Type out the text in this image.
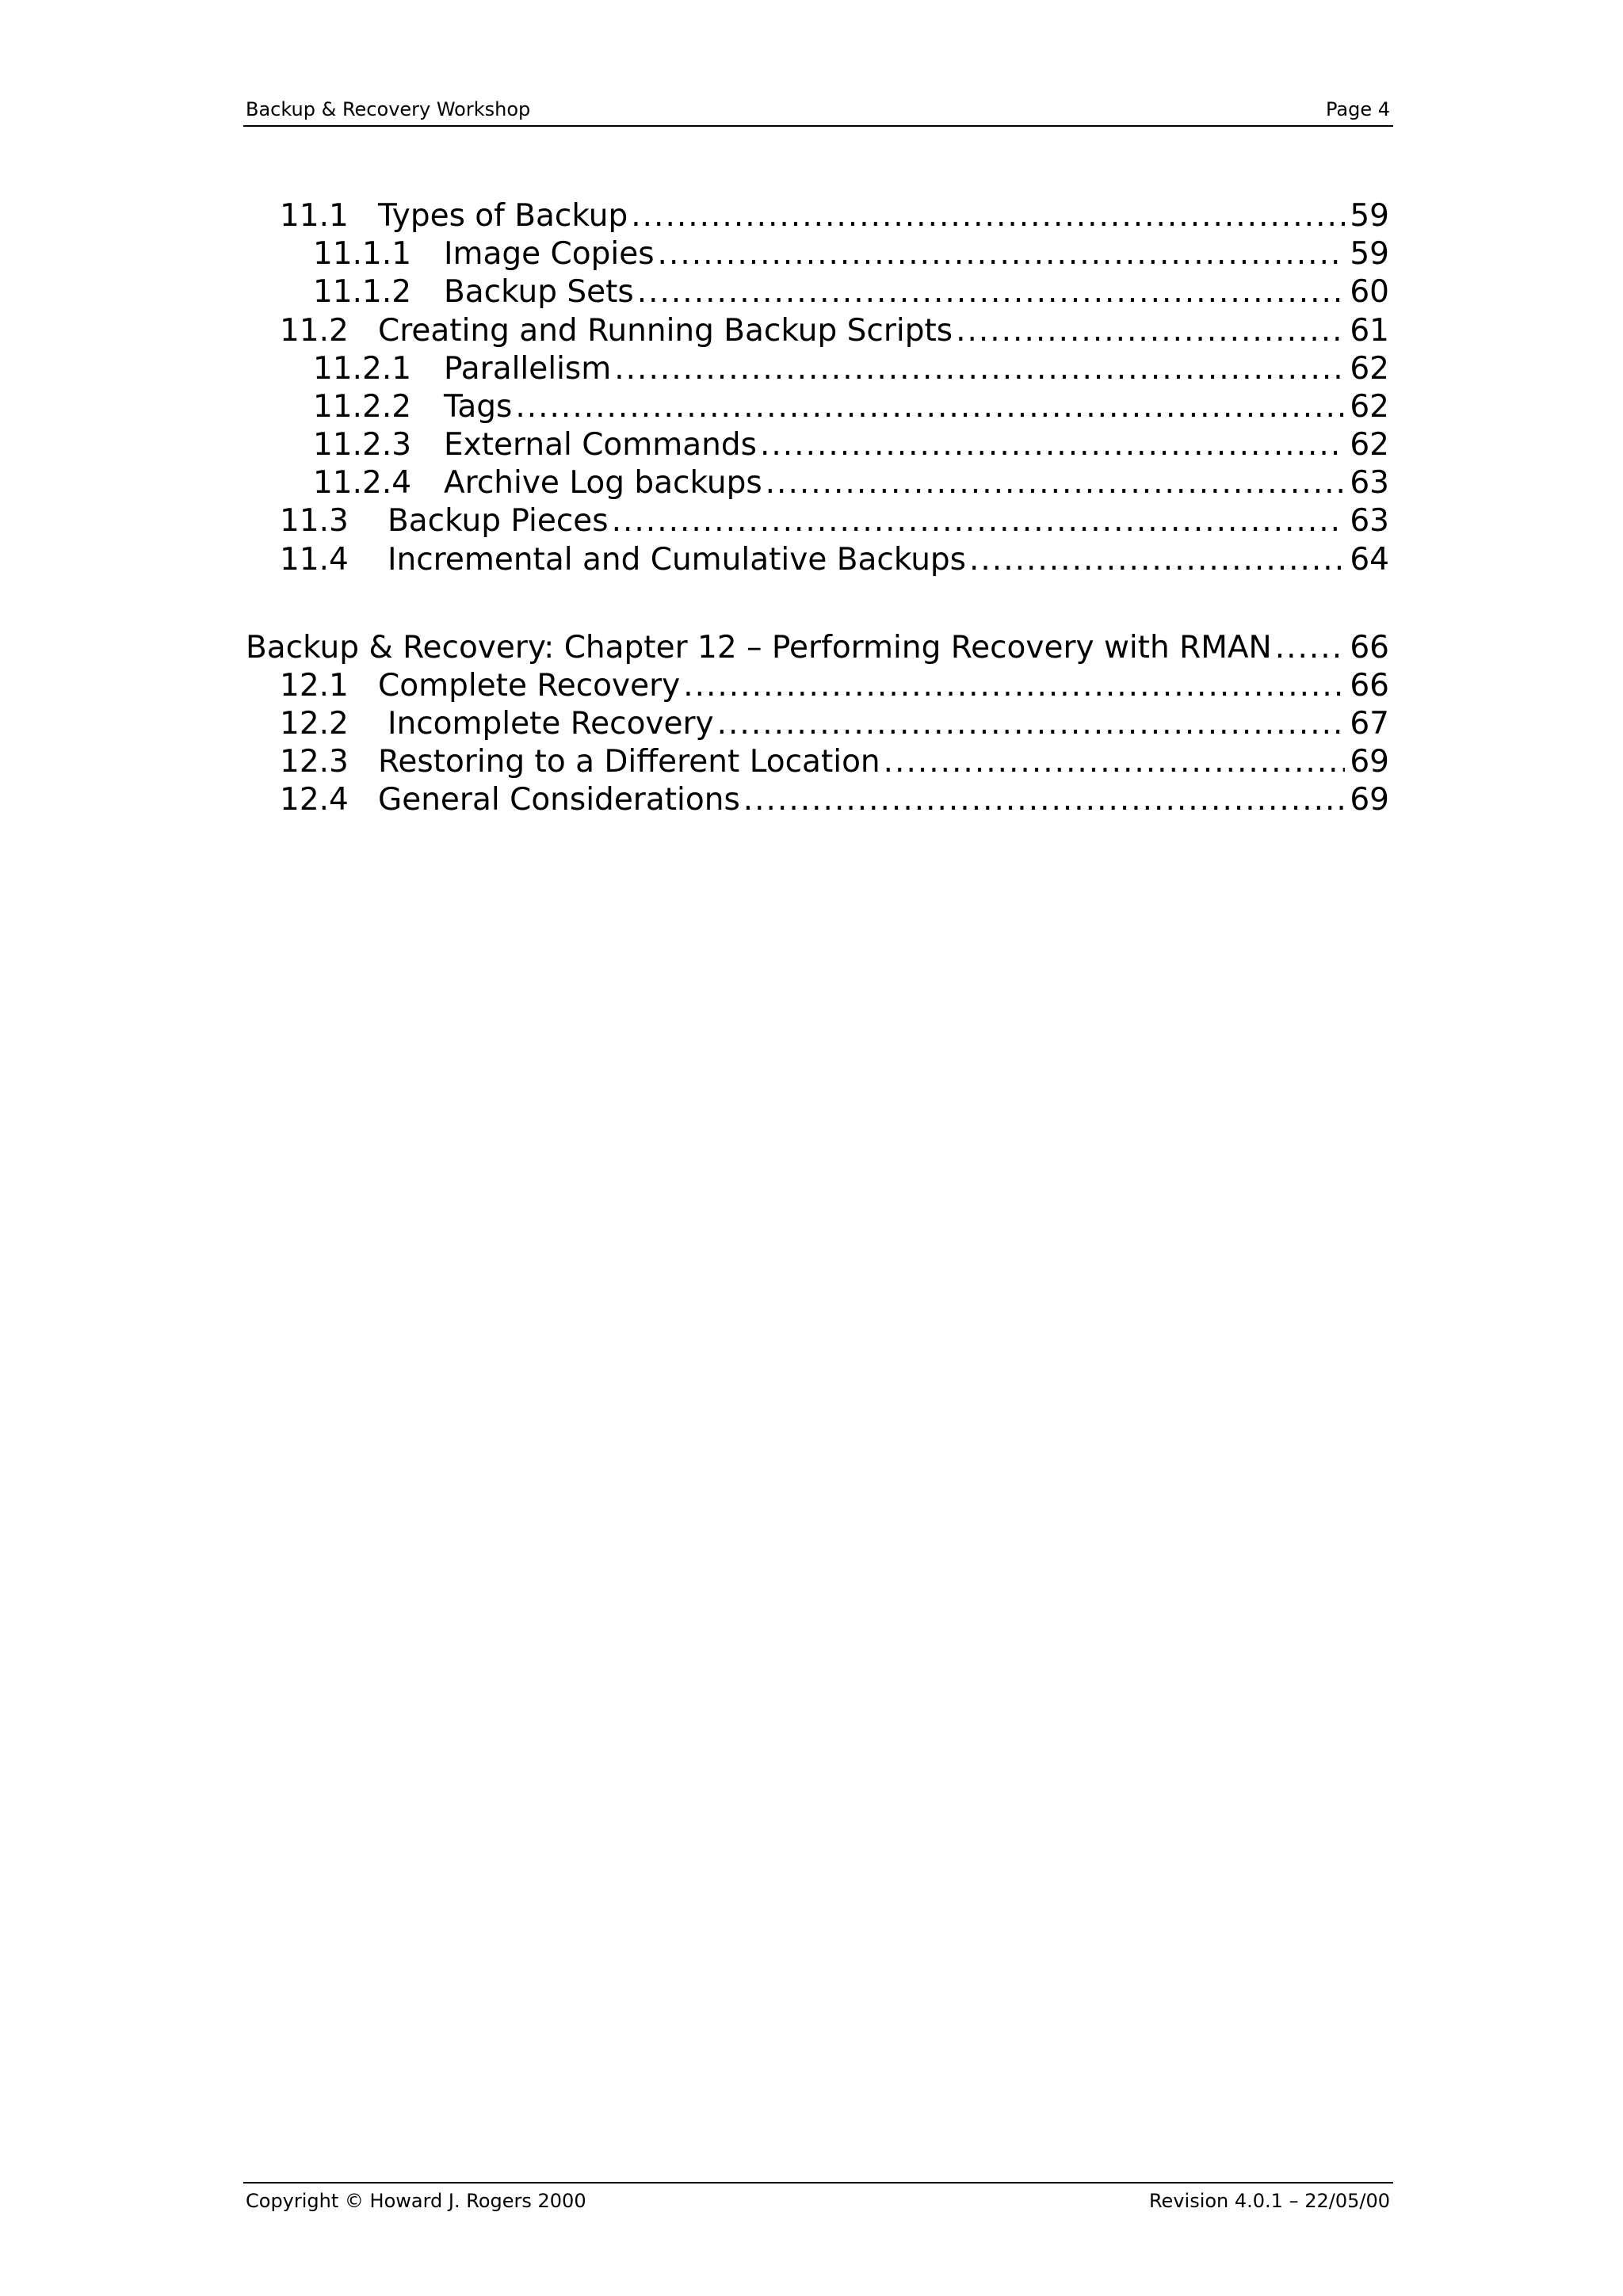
Backup & Recovery Workshop	Page 4
11.1 Types of Backup .....	59
11.1.1	Image Copies .....	59
11.1.2	Backup Sets .....	60
11.2 Creating and Running Backup Scripts .....	61
11.2.1	Parallelism .....	62
11.2.2	Tags .....	62
11.2.3	External Commands .....	62
11.2.4	Archive Log backups .....	63
11.3	Backup Pieces .....	63
11.4	Incremental and Cumulative Backups .....	64
Backup & Recovery: Chapter 12 – Performing Recovery with RMAN .....	66
12.1 Complete Recovery .....	66
12.2	Incomplete Recovery .....	67
12.3 Restoring to a Different Location .....	69
12.4 General Considerations .....	69
Copyright © Howard J. Rogers 2000	Revision 4.0.1 – 22/05/00
